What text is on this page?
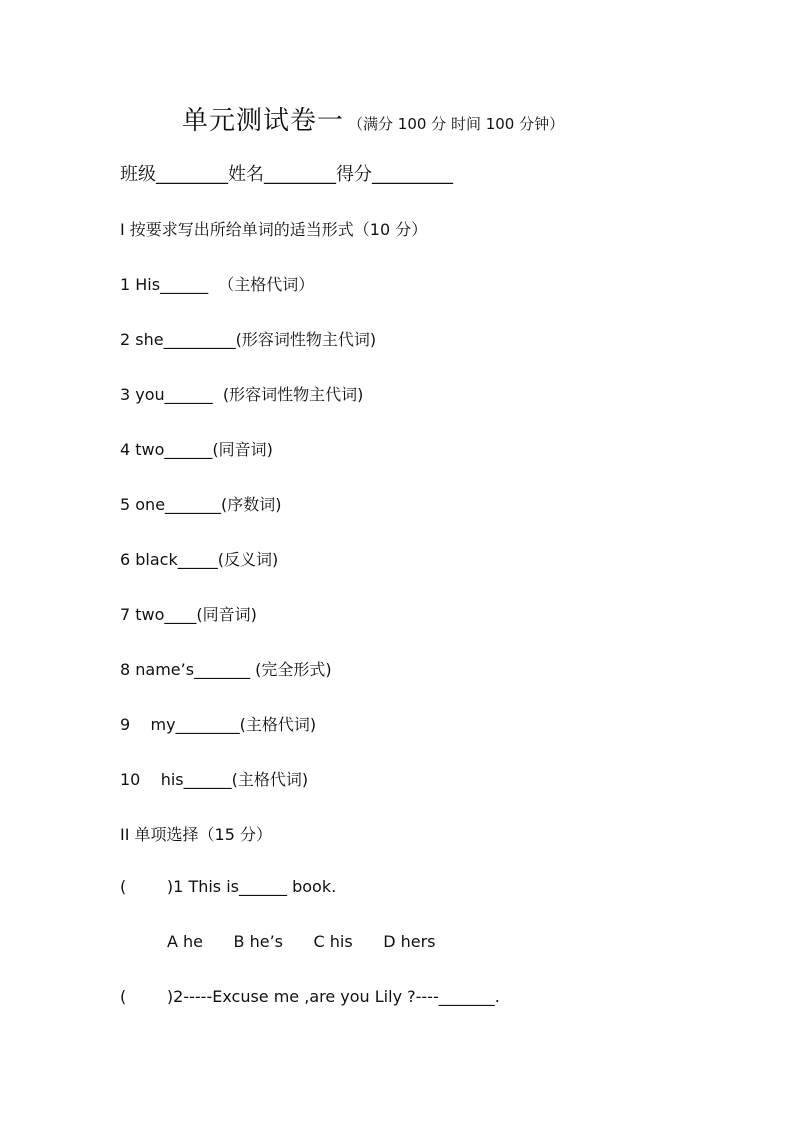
单元测试卷一 （满分 100 分 时间 100 分钟）
班级________姓名________得分_________
I 按要求写出所给单词的适当形式（10 分）
1 His______  （主格代词）
2 she_________(形容词性物主代词)
3 you______  (形容词性物主代词)
4 two______(同音词)
5 one_______(序数词)
6 black_____(反义词)
7 two____(同音词)
8 name’s_______ (完全形式)
9    my________(主格代词)
10    his______(主格代词)
II 单项选择（15 分）
(        )1 This is______ book.
A he      B he’s      C his      D hers
(        )2-----Excuse me ,are you Lily ?----_______.
